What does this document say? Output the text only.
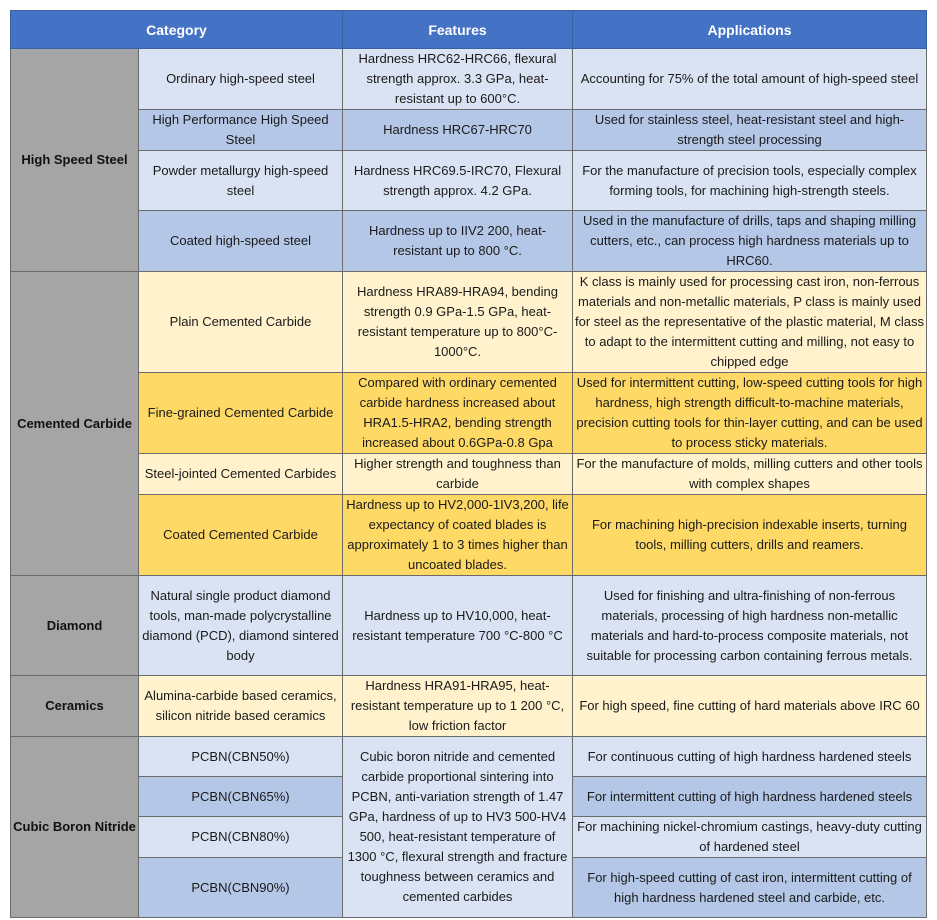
Category		Features	Applications
High Speed Steel	Ordinary high-speed steel	Hardness HRC62-HRC66, flexural strength approx. 3.3 GPa, heat-resistant up to 600°C.	Accounting for 75% of the total amount of high-speed steel
	High Performance High Speed Steel	Hardness HRC67-HRC70	Used for stainless steel, heat-resistant steel and high-strength steel processing
	Powder metallurgy high-speed steel	Hardness HRC69.5-IRC70, Flexural strength approx. 4.2 GPa.	For the manufacture of precision tools, especially complex forming tools, for machining high-strength steels.
	Coated high-speed steel	Hardness up to IIV2 200, heat-resistant up to 800 °C.	Used in the manufacture of drills, taps and shaping milling cutters, etc., can process high hardness materials up to HRC60.
Cemented Carbide	Plain Cemented Carbide	Hardness HRA89-HRA94, bending strength 0.9 GPa-1.5 GPa, heat-resistant temperature up to 800°C-1000°C.	K class is mainly used for processing cast iron, non-ferrous materials and non-metallic materials, P class is mainly used for steel as the representative of the plastic material, M class to adapt to the intermittent cutting and milling, not easy to chipped edge
	Fine-grained Cemented Carbide	Compared with ordinary cemented carbide hardness increased about HRA1.5-HRA2, bending strength increased about 0.6GPa-0.8 Gpa	Used for intermittent cutting, low-speed cutting tools for high hardness, high strength difficult-to-machine materials, precision cutting tools for thin-layer cutting, and can be used to process sticky materials.
	Steel-jointed Cemented Carbides	Higher strength and toughness than carbide	For the manufacture of molds, milling cutters and other tools with complex shapes
	Coated Cemented Carbide	Hardness up to HV2,000-1IV3,200, life expectancy of coated blades is approximately 1 to 3 times higher than uncoated blades.	For machining high-precision indexable inserts, turning tools, milling cutters, drills and reamers.
Diamond	Natural single product diamond tools, man-made polycrystalline diamond (PCD), diamond sintered body	Hardness up to HV10,000, heat-resistant temperature 700 °C-800 °C	Used for finishing and ultra-finishing of non-ferrous materials, processing of high hardness non-metallic materials and hard-to-process composite materials, not suitable for processing carbon containing ferrous metals.
Ceramics	Alumina-carbide based ceramics, silicon nitride based ceramics	Hardness HRA91-HRA95, heat-resistant temperature up to 1 200 °C, low friction factor	For high speed, fine cutting of hard materials above IRC 60
Cubic Boron Nitride	PCBN(CBN50%)	Cubic boron nitride and cemented carbide proportional sintering into PCBN, anti-variation strength of 1.47 GPa, hardness of up to HV3 500-HV4 500, heat-resistant temperature of 1300 °C, flexural strength and fracture toughness between ceramics and cemented carbides	For continuous cutting of high hardness hardened steels
	PCBN(CBN65%)		For intermittent cutting of high hardness hardened steels
	PCBN(CBN80%)		For machining nickel-chromium castings, heavy-duty cutting of hardened steel
	PCBN(CBN90%)		For high-speed cutting of cast iron, intermittent cutting of high hardness hardened steel and carbide, etc.
